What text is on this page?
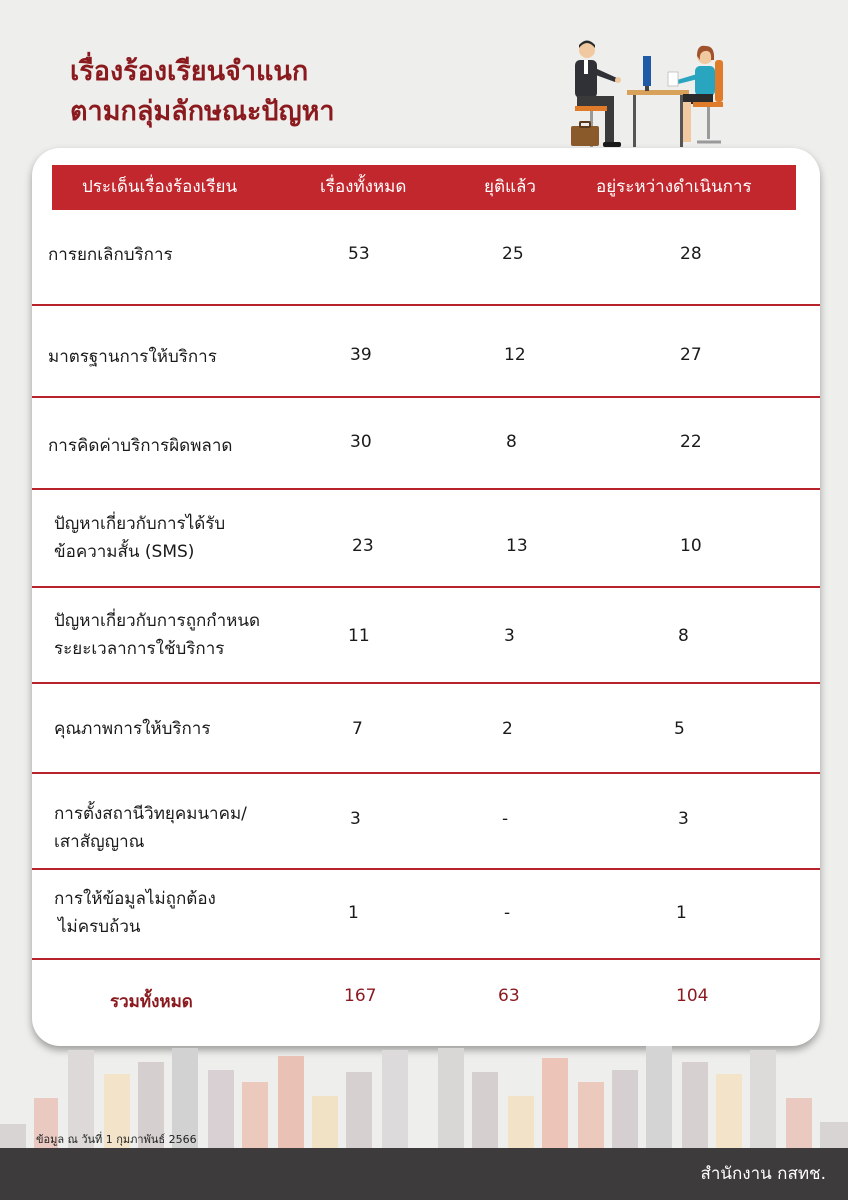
เรื่องร้องเรียนจำแนก
ตามกลุ่มลักษณะปัญหา
ประเด็นเรื่องร้องเรียน	เรื่องทั้งหมด	ยุติแล้ว	อยู่ระหว่างดำเนินการ
การยกเลิกบริการ	53	25	28
มาตรฐานการให้บริการ	39	12	27
การคิดค่าบริการผิดพลาด	30	8	22
ปัญหาเกี่ยวกับการได้รับ
ข้อความสั้น (SMS)	23	13	10
ปัญหาเกี่ยวกับการถูกกำหนด
ระยะเวลาการใช้บริการ
11	3	8
คุณภาพการให้บริการ	7	2	5
การตั้งสถานีวิทยุคมนาคม/
เสาสัญญาณ
3	-	3
การให้ข้อมูลไม่ถูกต้อง
ไม่ครบถ้วน
1	-	1
รวมทั้งหมด	167	63	104
ข้อมูล ณ วันที่ 1 กุมภาพันธ์ 2566
สำนักงาน กสทช.
